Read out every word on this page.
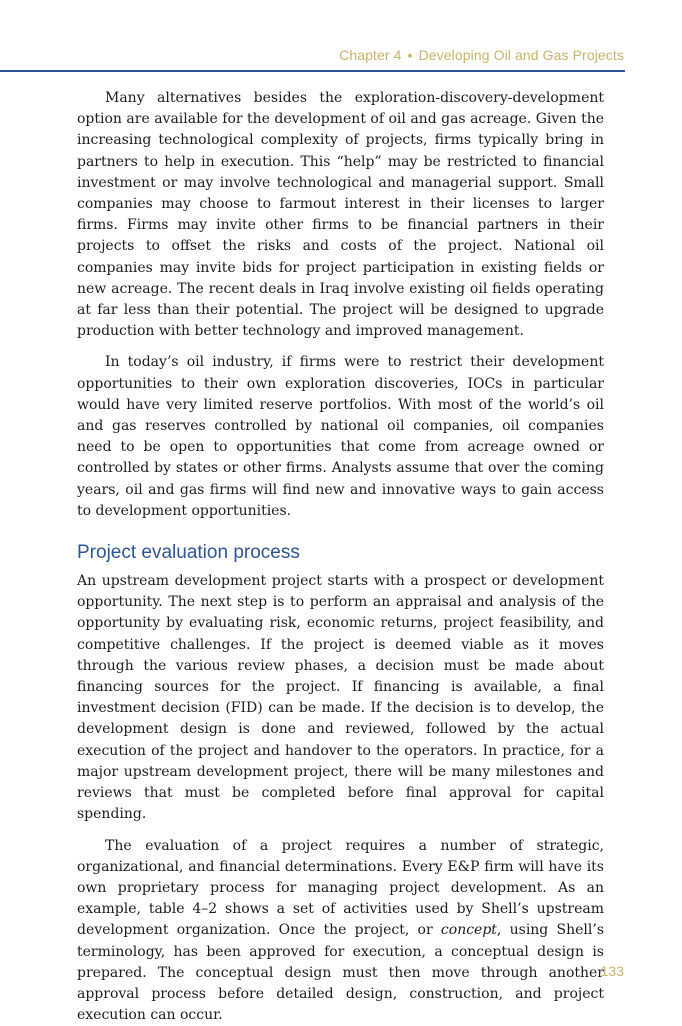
Chapter 4 • Developing Oil and Gas Projects

Many alternatives besides the exploration-discovery-development option are available for the development of oil and gas acreage. Given the increasing technological complexity of projects, firms typically bring in partners to help in execution. This “help” may be restricted to financial investment or may involve technological and managerial support. Small companies may choose to farmout interest in their licenses to larger firms. Firms may invite other firms to be financial partners in their projects to offset the risks and costs of the project. National oil companies may invite bids for project participation in existing fields or new acreage. The recent deals in Iraq involve existing oil fields operating at far less than their potential. The project will be designed to upgrade production with better technology and improved management.

In today’s oil industry, if firms were to restrict their development opportunities to their own exploration discoveries, IOCs in particular would have very limited reserve portfolios. With most of the world’s oil and gas reserves controlled by national oil companies, oil companies need to be open to opportunities that come from acreage owned or controlled by states or other firms. Analysts assume that over the coming years, oil and gas firms will find new and innovative ways to gain access to development opportunities.

Project evaluation process

An upstream development project starts with a prospect or development opportunity. The next step is to perform an appraisal and analysis of the opportunity by evaluating risk, economic returns, project feasibility, and competitive challenges. If the project is deemed viable as it moves through the various review phases, a decision must be made about financing sources for the project. If financing is available, a final investment decision (FID) can be made. If the decision is to develop, the development design is done and reviewed, followed by the actual execution of the project and handover to the operators. In practice, for a major upstream development project, there will be many milestones and reviews that must be completed before final approval for capital spending.

The evaluation of a project requires a number of strategic, organizational, and financial determinations. Every E&P firm will have its own proprietary process for managing project development. As an example, table 4–2 shows a set of activities used by Shell’s upstream development organization. Once the project, or concept, using Shell’s terminology, has been approved for execution, a conceptual design is prepared. The conceptual design must then move through another approval process before detailed design, construction, and project execution can occur.

133
